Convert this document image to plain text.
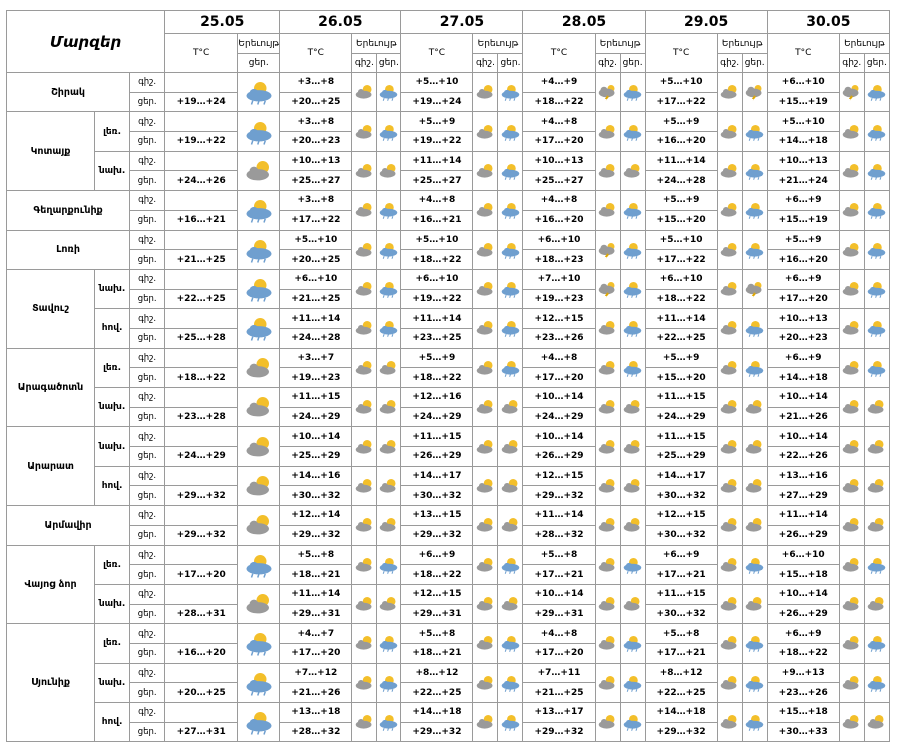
Մարզեր			25.05		26.05			27.05			28.05			29.05			30.05		
			T°C	Երեւույթ	T°C	Երեւույթ		T°C	Երեւույթ		T°C	Երեւույթ		T°C	Երեւույթ		T°C	Երեւույթ	
				ցեր.		գիշ.	ցեր.		գիշ.	ցեր.		գիշ.	ցեր.		գիշ.	ցեր.		գիշ.	ցեր.
Շիրակ		գիշ.			+3…+8			+5…+10			+4…+9			+5…+10			+6…+10	

		ցեր.	+19…+24		+20…+25			+19…+24			+18…+22			+17…+22			+15…+19		
Կոտայք	լեռ.	գիշ.			+3…+8			+5…+9			+4…+8			+5…+9			+5…+10	

		ցեր.	+19…+22		+20…+23			+19…+22			+17…+20			+16…+20			+14…+18		
	նախ.	գիշ.			+10…+13			+11…+14			+10…+13			+11…+14			+10…+13	

		ցեր.	+24…+26		+25…+27			+25…+27			+25…+27			+24…+28			+21…+24		
Գեղարքունիք		գիշ.			+3…+8			+4…+8			+4…+8			+5…+9			+6…+9	

		ցեր.	+16…+21		+17…+22			+16…+21			+16…+20			+15…+20			+15…+19		
Լոռի		գիշ.			+5…+10			+5…+10			+6…+10			+5…+10			+5…+9	

		ցեր.	+21…+25		+20…+25			+18…+22			+18…+23			+17…+22			+16…+20		
Տավուշ	նախ.	գիշ.			+6…+10			+6…+10			+7…+10			+6…+10			+6…+9	

		ցեր.	+22…+25		+21…+25			+19…+22			+19…+23			+18…+22			+17…+20		
	հով.	գիշ.			+11…+14			+11…+14			+12…+15			+11…+14			+10…+13	

		ցեր.	+25…+28		+24…+28			+23…+25			+23…+26			+22…+25			+20…+23		
Արագածոտն	լեռ.	գիշ.			+3…+7			+5…+9			+4…+8			+5…+9			+6…+9	

		ցեր.	+18…+22		+19…+23			+18…+22			+17…+20			+15…+20			+14…+18		
	նախ.	գիշ.			+11…+15			+12…+16			+10…+14			+11…+15			+10…+14	

		ցեր.	+23…+28		+24…+29			+24…+29			+24…+29			+24…+29			+21…+26		
Արարատ	նախ.	գիշ.			+10…+14			+11…+15			+10…+14			+11…+15			+10…+14	

		ցեր.	+24…+29		+25…+29			+26…+29			+26…+29			+25…+29			+22…+26		
	հով.	գիշ.			+14…+16			+14…+17			+12…+15			+14…+17			+13…+16	

		ցեր.	+29…+32		+30…+32			+30…+32			+29…+32			+30…+32			+27…+29		
Արմավիր		գիշ.			+12…+14			+13…+15			+11…+14			+12…+15			+11…+14	

		ցեր.	+29…+32		+29…+32			+29…+32			+28…+32			+30…+32			+26…+29		
Վայոց ձոր	լեռ.	գիշ.			+5…+8			+6…+9			+5…+8			+6…+9			+6…+10	

		ցեր.	+17…+20		+18…+21			+18…+22			+17…+21			+17…+21			+15…+18		
	նախ.	գիշ.			+11…+14			+12…+15			+10…+14			+11…+15			+10…+14	

		ցեր.	+28…+31		+29…+31			+29…+31			+29…+31			+30…+32			+26…+29		
Սյունիք	լեռ.	գիշ.			+4…+7			+5…+8			+4…+8			+5…+8			+6…+9	

		ցեր.	+16…+20		+17…+20			+18…+21			+17…+20			+17…+21			+18…+22		
	նախ.	գիշ.			+7…+12			+8…+12			+7…+11			+8…+12			+9…+13	

		ցեր.	+20…+25		+21…+26			+22…+25			+21…+25			+22…+25			+23…+26		
	հով.	գիշ.			+13…+18			+14…+18			+13…+17			+14…+18			+15…+18	

		ցեր.	+27…+31		+28…+32			+29…+32			+29…+32			+29…+32			+30…+33		
